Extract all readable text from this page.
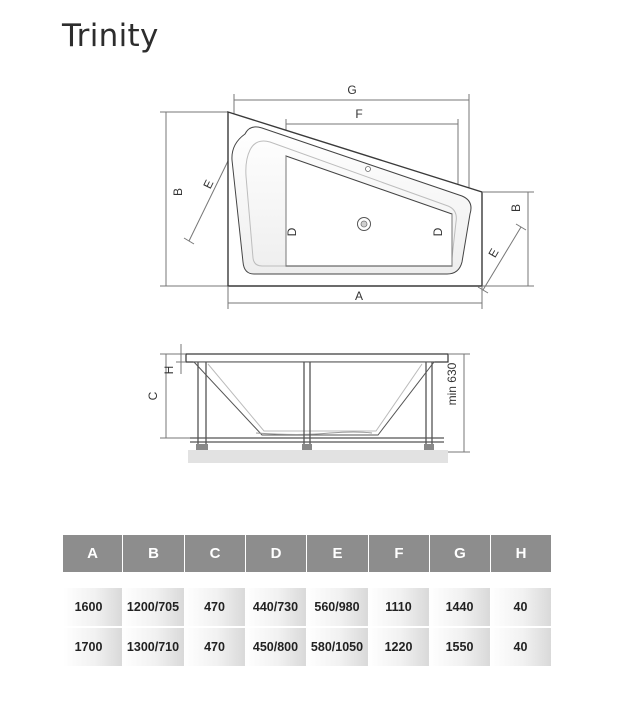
Trinity
G
F
B
E
D	D
B
E
A
C
H	min 630
A	B	C	D	E	F	G	H

1600	1200/705	470	440/730	560/980	1110	1440	40

1700	1300/710	470	450/800	580/1050	1220	1550	40
